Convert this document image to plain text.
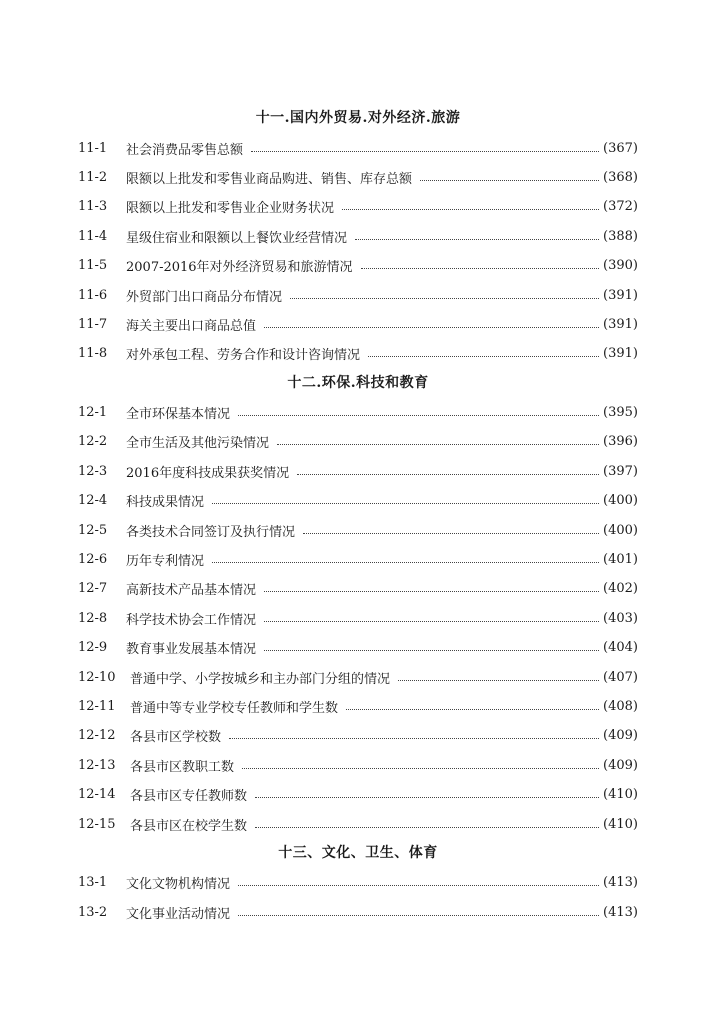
十一.国内外贸易.对外经济.旅游
11-1	社会消费品零售总额	( 367 )
11-2	限额以上批发和零售业商品购进、销售、库存总额	( 368 )
11-3	限额以上批发和零售业企业财务状况	( 372 )
11-4	星级住宿业和限额以上餐饮业经营情况	( 388 )
11-5	2007-2016年对外经济贸易和旅游情况	( 390 )
11-6	外贸部门出口商品分布情况	( 391 )
11-7	海关主要出口商品总值	( 391 )
11-8	对外承包工程、劳务合作和设计咨询情况	( 391 )
十二.环保.科技和教育
12-1	全市环保基本情况	( 395 )
12-2	全市生活及其他污染情况	( 396 )
12-3	2016年度科技成果获奖情况	( 397 )
12-4	科技成果情况	( 400 )
12-5	各类技术合同签订及执行情况	( 400 )
12-6	历年专利情况	( 401 )
12-7	高新技术产品基本情况	( 402 )
12-8	科学技术协会工作情况	( 403 )
12-9	教育事业发展基本情况	( 404 )
12-10	普通中学、小学按城乡和主办部门分组的情况	( 407 )
12-11	普通中等专业学校专任教师和学生数	( 408 )
12-12	各县市区学校数	( 409 )
12-13	各县市区教职工数	( 409 )
12-14	各县市区专任教师数	( 410 )
12-15	各县市区在校学生数	( 410 )
十三、文化、卫生、体育
13-1	文化文物机构情况	( 413 )
13-2	文化事业活动情况	( 413 )
